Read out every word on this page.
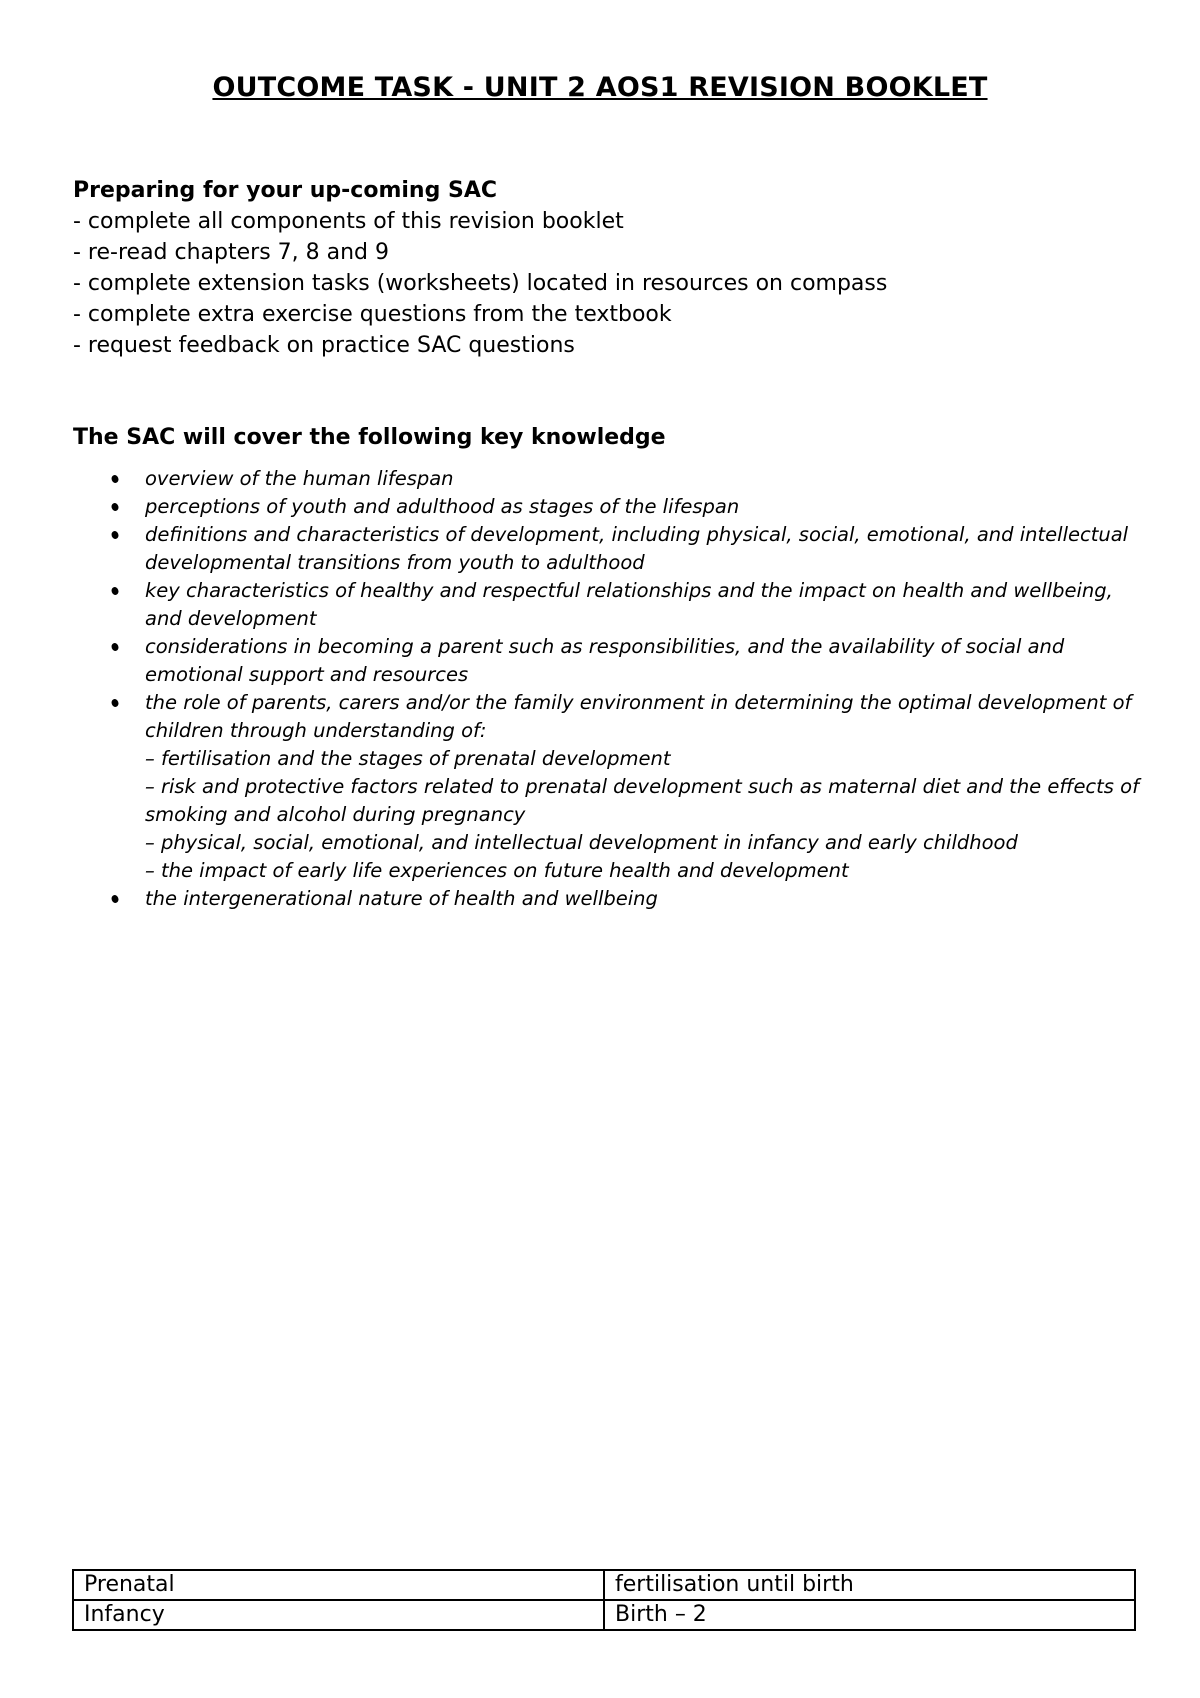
OUTCOME TASK - UNIT 2 AOS1 REVISION BOOKLET

Preparing for your up-coming SAC

- complete all components of this revision booklet

- re-read chapters 7, 8 and 9

- complete extension tasks (worksheets) located in resources on compass

- complete extra exercise questions from the textbook

- request feedback on practice SAC questions

The SAC will cover the following key knowledge
overview of the human lifespan
perceptions of youth and adulthood as stages of the lifespan
definitions and characteristics of development, including physical, social, emotional, and intellectual developmental transitions from youth to adulthood
key characteristics of healthy and respectful relationships and the impact on health and wellbeing, and development
considerations in becoming a parent such as responsibilities, and the availability of social and emotional support and resources
the role of parents, carers and/or the family environment in determining the optimal development of children through understanding of:
– fertilisation and the stages of prenatal development
– risk and protective factors related to prenatal development such as maternal diet and the effects of smoking and alcohol during pregnancy
– physical, social, emotional, and intellectual development in infancy and early childhood
– the impact of early life experiences on future health and development
the intergenerational nature of health and wellbeing
Prenatal	fertilisation until birth
Infancy	Birth – 2
